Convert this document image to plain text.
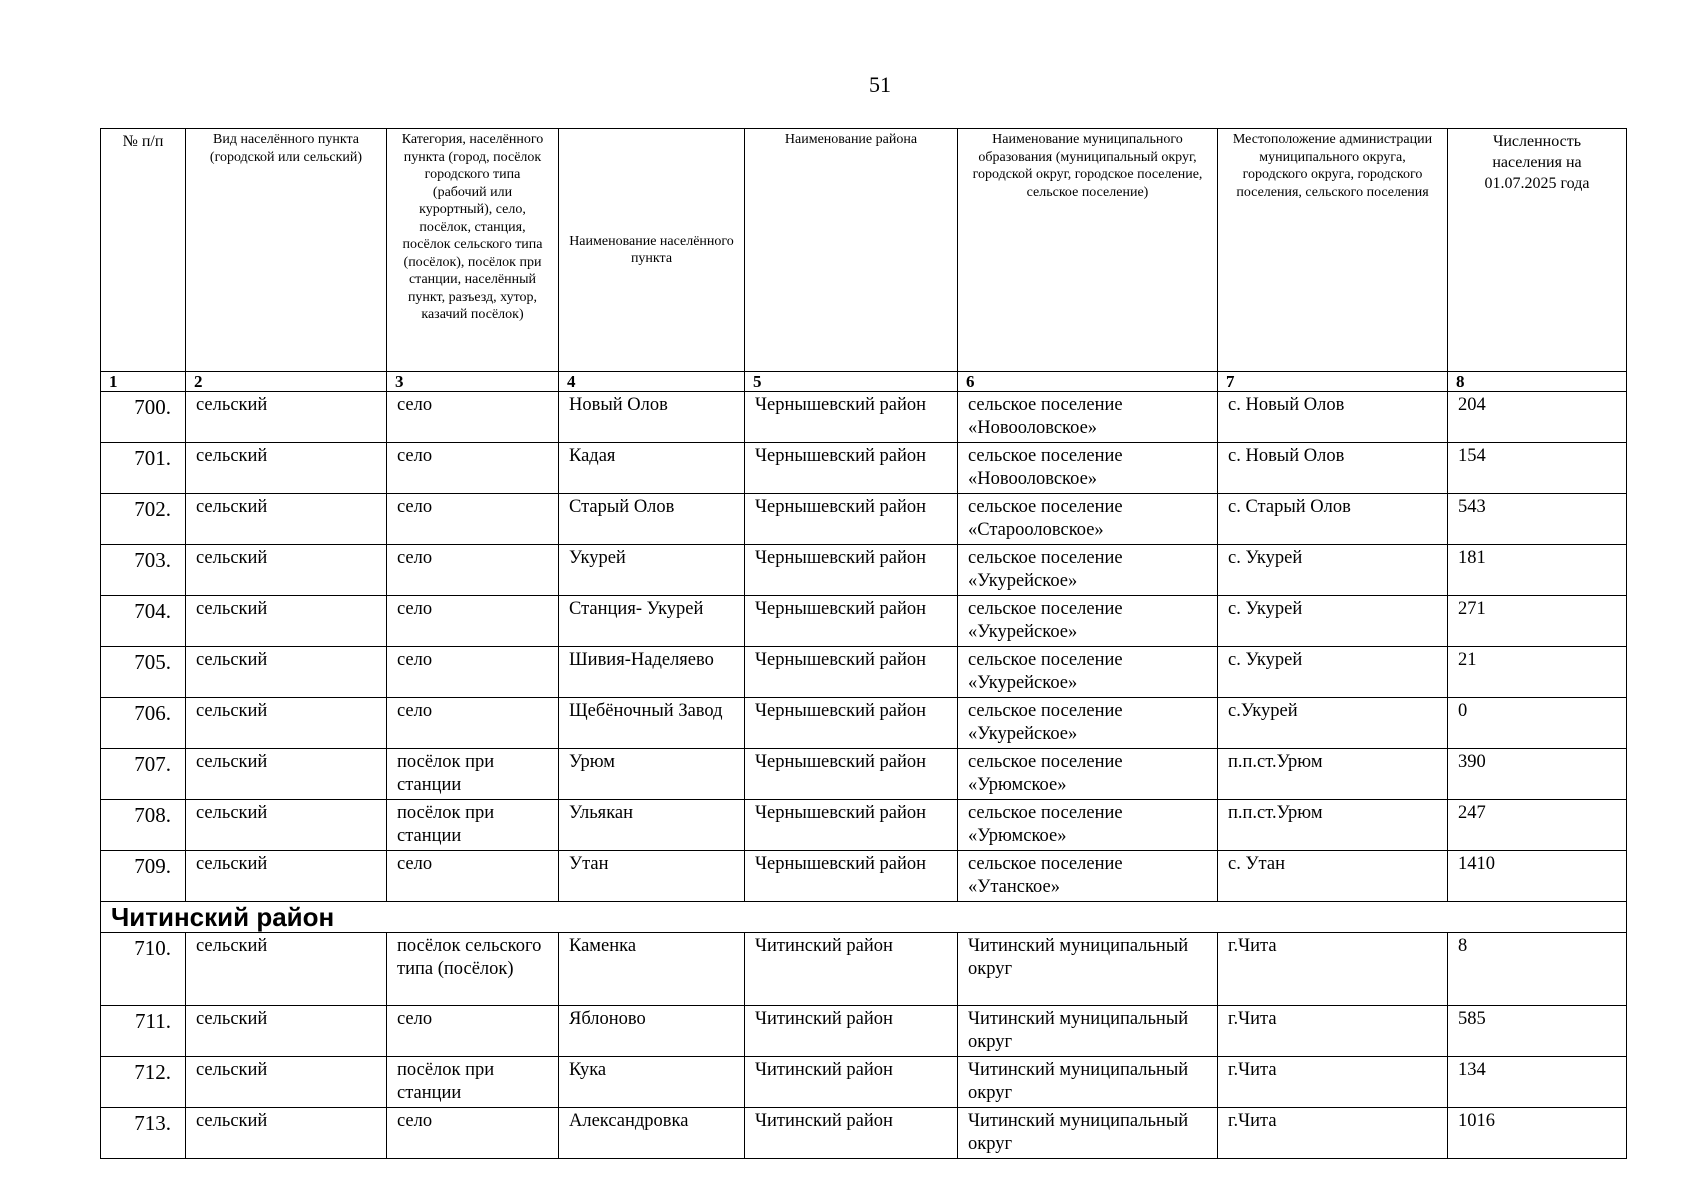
51
№ п/п	Вид населённого пункта (городской или сельский)	Категория, населённого пункта (город, посёлок городского типа (рабочий или курортный), село, посёлок, станция, посёлок сельского типа (посёлок), посёлок при станции, населённый пункт, разъезд, хутор, казачий посёлок)	Наименование населённого пункта	Наименование района	Наименование муниципального образования (муниципальный округ, городской округ, городское поселение, сельское поселение)	Местоположение администрации муниципального округа, городского округа, городского поселения, сельского поселения	Численность населения на 01.07.2025 года
1	2	3	4	5	6	7	8
700.	сельский	село	Новый Олов	Чернышевский район	сельское поселение «Новооловское»	с. Новый Олов	204
701.	сельский	село	Кадая	Чернышевский район	сельское поселение «Новооловское»	с. Новый Олов	154
702.	сельский	село	Старый Олов	Чернышевский район	сельское поселение «Старооловское»	с. Старый Олов	543
703.	сельский	село	Укурей	Чернышевский район	сельское поселение «Укурейское»	с. Укурей	181
704.	сельский	село	Станция- Укурей	Чернышевский район	сельское поселение «Укурейское»	с. Укурей	271
705.	сельский	село	Шивия-Наделяево	Чернышевский район	сельское поселение «Укурейское»	с. Укурей	21
706.	сельский	село	Щебёночный Завод	Чернышевский район	сельское поселение «Укурейское»	с.Укурей	0
707.	сельский	посёлок при станции	Урюм	Чернышевский район	сельское поселение «Урюмское»	п.п.ст.Урюм	390
708.	сельский	посёлок при станции	Ульякан	Чернышевский район	сельское поселение «Урюмское»	п.п.ст.Урюм	247
709.	сельский	село	Утан	Чернышевский район	сельское поселение «Утанское»	с. Утан	1410
Читинский район							
710.	сельский	посёлок сельского типа (посёлок)	Каменка	Читинский район	Читинский муниципальный округ	г.Чита	8
711.	сельский	село	Яблоново	Читинский район	Читинский муниципальный округ	г.Чита	585
712.	сельский	посёлок при станции	Кука	Читинский район	Читинский муниципальный округ	г.Чита	134
713.	сельский	село	Александровка	Читинский район	Читинский муниципальный округ	г.Чита	1016
